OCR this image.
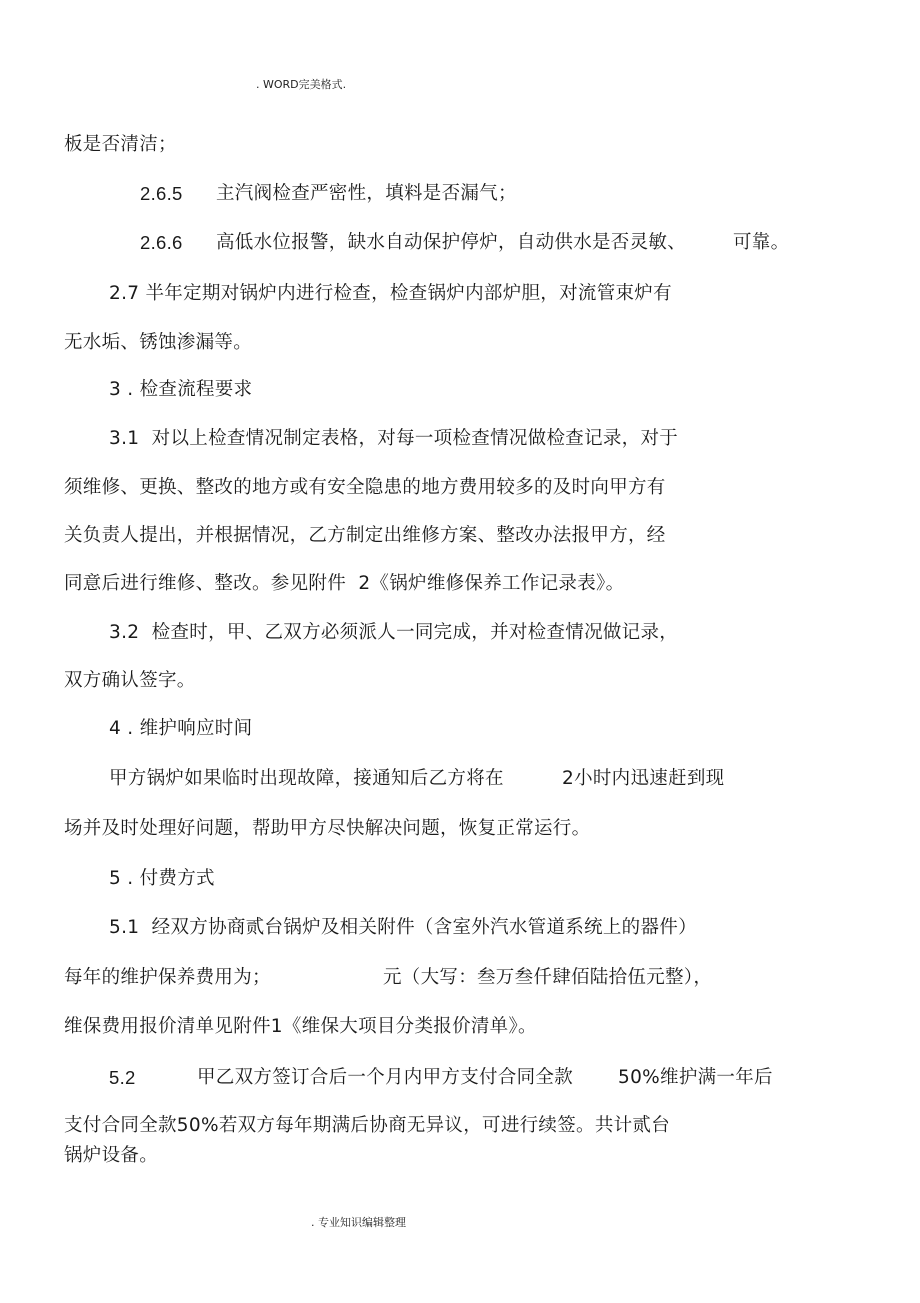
. WORD完美格式.
板是否清洁；
2.6.5 主汽阀检查严密性，填料是否漏气；
2.6.6 高低水位报警，缺水自动保护停炉，自动供水是否灵敏、	可靠。
2.7 半年定期对锅炉内进行检查，检查锅炉内部炉胆，对流管束炉有
无水垢、锈蚀渗漏等。
3 . 检查流程要求
3.1  对以上检查情况制定表格，对每一项检查情况做检查记录，对于
须维修、更换、整改的地方或有安全隐患的地方费用较多的及时向甲方有
关负责人提出，并根据情况，乙方制定出维修方案、整改办法报甲方，经
同意后进行维修、整改。参见附件  2《锅炉维修保养工作记录表》。
3.2  检查时，甲、乙双方必须派人一同完成，并对检查情况做记录，
双方确认签字。
4 . 维护响应时间
甲方锅炉如果临时出现故障，接通知后乙方将在	2小时内迅速赶到现
场并及时处理好问题，帮助甲方尽快解决问题，恢复正常运行。
5 . 付费方式
5.1  经双方协商贰台锅炉及相关附件（含室外汽水管道系统上的器件）
每年的维护保养费用为；	元（大写：叁万叁仟肆佰陆拾伍元整），
维保费用报价清单见附件1《维保大项目分类报价清单》。
5.2	甲乙双方签订合后一个月内甲方支付合同全款 50%维护满一年后
支付合同全款50%若双方每年期满后协商无异议，可进行续签。共计贰台
锅炉设备。
. 专业知识编辑整理
